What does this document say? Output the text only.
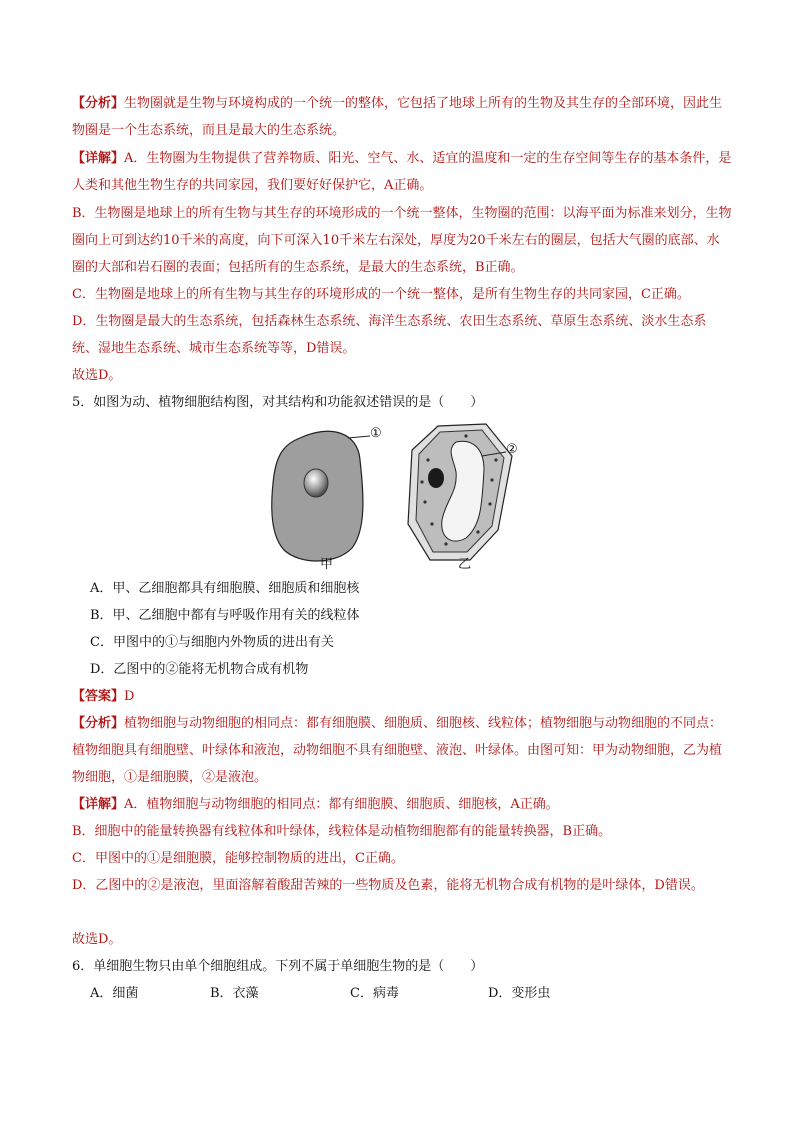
【分析】生物圈就是生物与环境构成的一个统一的整体，它包括了地球上所有的生物及其生存的全部环境，因此生物圈是一个生态系统，而且是最大的生态系统。
【详解】A．生物圈为生物提供了营养物质、阳光、空气、水、适宜的温度和一定的生存空间等生存的基本条件，是人类和其他生物生存的共同家园，我们要好好保护它，A正确。
B．生物圈是地球上的所有生物与其生存的环境形成的一个统一整体，生物圈的范围：以海平面为标准来划分，生物圈向上可到达约10千米的高度，向下可深入10千米左右深处，厚度为20千米左右的圈层，包括大气圈的底部、水圈的大部和岩石圈的表面；包括所有的生态系统，是最大的生态系统，B正确。
C．生物圈是地球上的所有生物与其生存的环境形成的一个统一整体，是所有生物生存的共同家园，C正确。
D．生物圈是最大的生态系统，包括森林生态系统、海洋生态系统、农田生态系统、草原生态系统、淡水生态系统、湿地生态系统、城市生态系统等等，D错误。
故选D。
5．如图为动、植物细胞结构图，对其结构和功能叙述错误的是（　　）
①
②
甲	乙
A．甲、乙细胞都具有细胞膜、细胞质和细胞核
B．甲、乙细胞中都有与呼吸作用有关的线粒体
C．甲图中的①与细胞内外物质的进出有关
D．乙图中的②能将无机物合成有机物
【答案】D
【分析】植物细胞与动物细胞的相同点：都有细胞膜、细胞质、细胞核、线粒体；植物细胞与动物细胞的不同点：植物细胞具有细胞壁、叶绿体和液泡，动物细胞不具有细胞壁、液泡、叶绿体。由图可知：甲为动物细胞，乙为植物细胞，①是细胞膜，②是液泡。
【详解】A．植物细胞与动物细胞的相同点：都有细胞膜、细胞质、细胞核，A正确。
B．细胞中的能量转换器有线粒体和叶绿体，线粒体是动植物细胞都有的能量转换器，B正确。
C．甲图中的①是细胞膜，能够控制物质的进出，C正确。
D．乙图中的②是液泡，里面溶解着酸甜苦辣的一些物质及色素，能将无机物合成有机物的是叶绿体，D错误。
故选D。
6．单细胞生物只由单个细胞组成。下列不属于单细胞生物的是（　　）
A．细菌	B．衣藻	C．病毒	D．变形虫
